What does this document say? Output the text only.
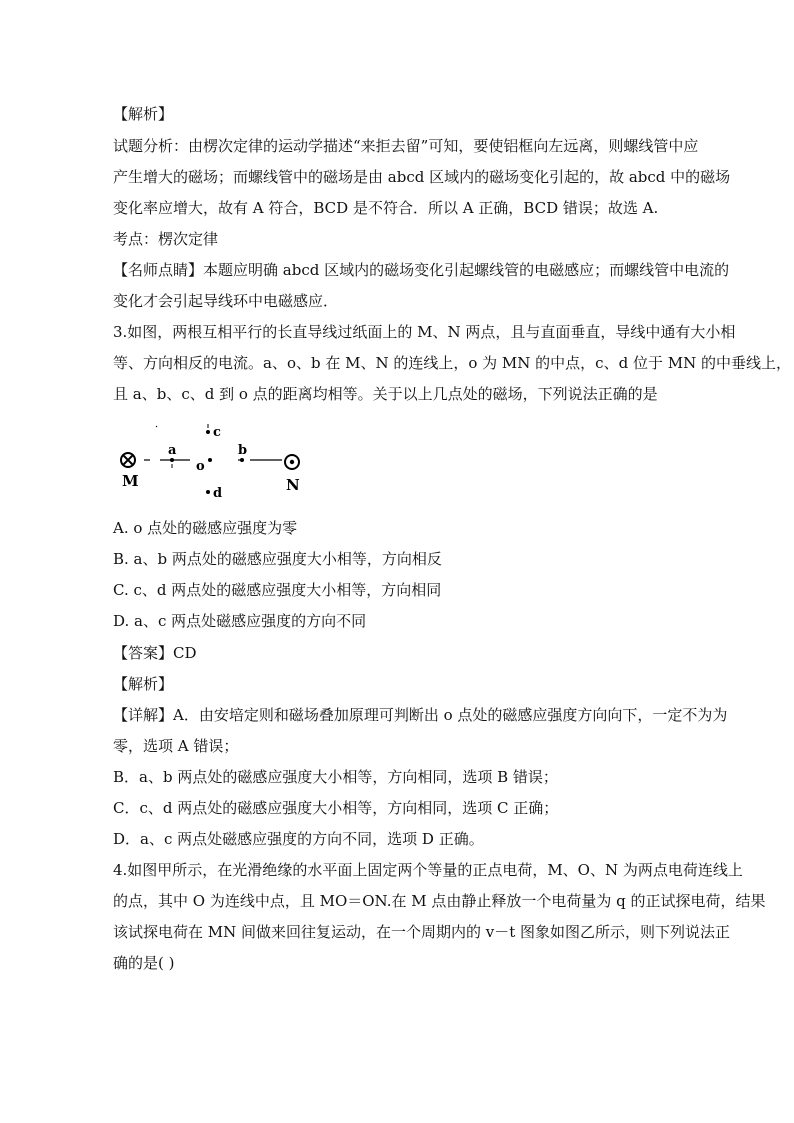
【解析】
试题分析：由楞次定律的运动学描述“来拒去留”可知，要使铝框向左远离，则螺线管中应
产生增大的磁场；而螺线管中的磁场是由 abcd 区域内的磁场变化引起的，故 abcd 中的磁场
变化率应增大，故有 A 符合，BCD 是不符合．所以 A 正确，BCD 错误；故选 A.
考点：楞次定律
【名师点睛】本题应明确 abcd 区域内的磁场变化引起螺线管的电磁感应；而螺线管中电流的
变化才会引起导线环中电磁感应．
3.如图，两根互相平行的长直导线过纸面上的 M、N 两点，且与直面垂直，导线中通有大小相
等、方向相反的电流。a、o、b 在 M、N 的连线上，o 为 MN 的中点，c、d 位于 MN 的中垂线上，
且 a、b、c、d 到 o 点的距离均相等。关于以上几点处的磁场，下列说法正确的是
M	N
a
o
b
c
d
A. o 点处的磁感应强度为零
B. a、b 两点处的磁感应强度大小相等，方向相反
C. c、d 两点处的磁感应强度大小相等，方向相同
D. a、c 两点处磁感应强度的方向不同
【答案】CD
【解析】
【详解】A．由安培定则和磁场叠加原理可判断出 o 点处的磁感应强度方向向下，一定不为为
零，选项 A 错误；
B．a、b 两点处的磁感应强度大小相等，方向相同，选项 B 错误；
C．c、d 两点处的磁感应强度大小相等，方向相同，选项 C 正确；
D．a、c 两点处磁感应强度的方向不同，选项 D 正确。
4.如图甲所示，在光滑绝缘的水平面上固定两个等量的正点电荷，M、O、N 为两点电荷连线上
的点，其中 O 为连线中点，且 MO＝ON.在 M 点由静止释放一个电荷量为 q 的正试探电荷，结果
该试探电荷在 MN 间做来回往复运动，在一个周期内的 v－t 图象如图乙所示，则下列说法正
确的是( )
